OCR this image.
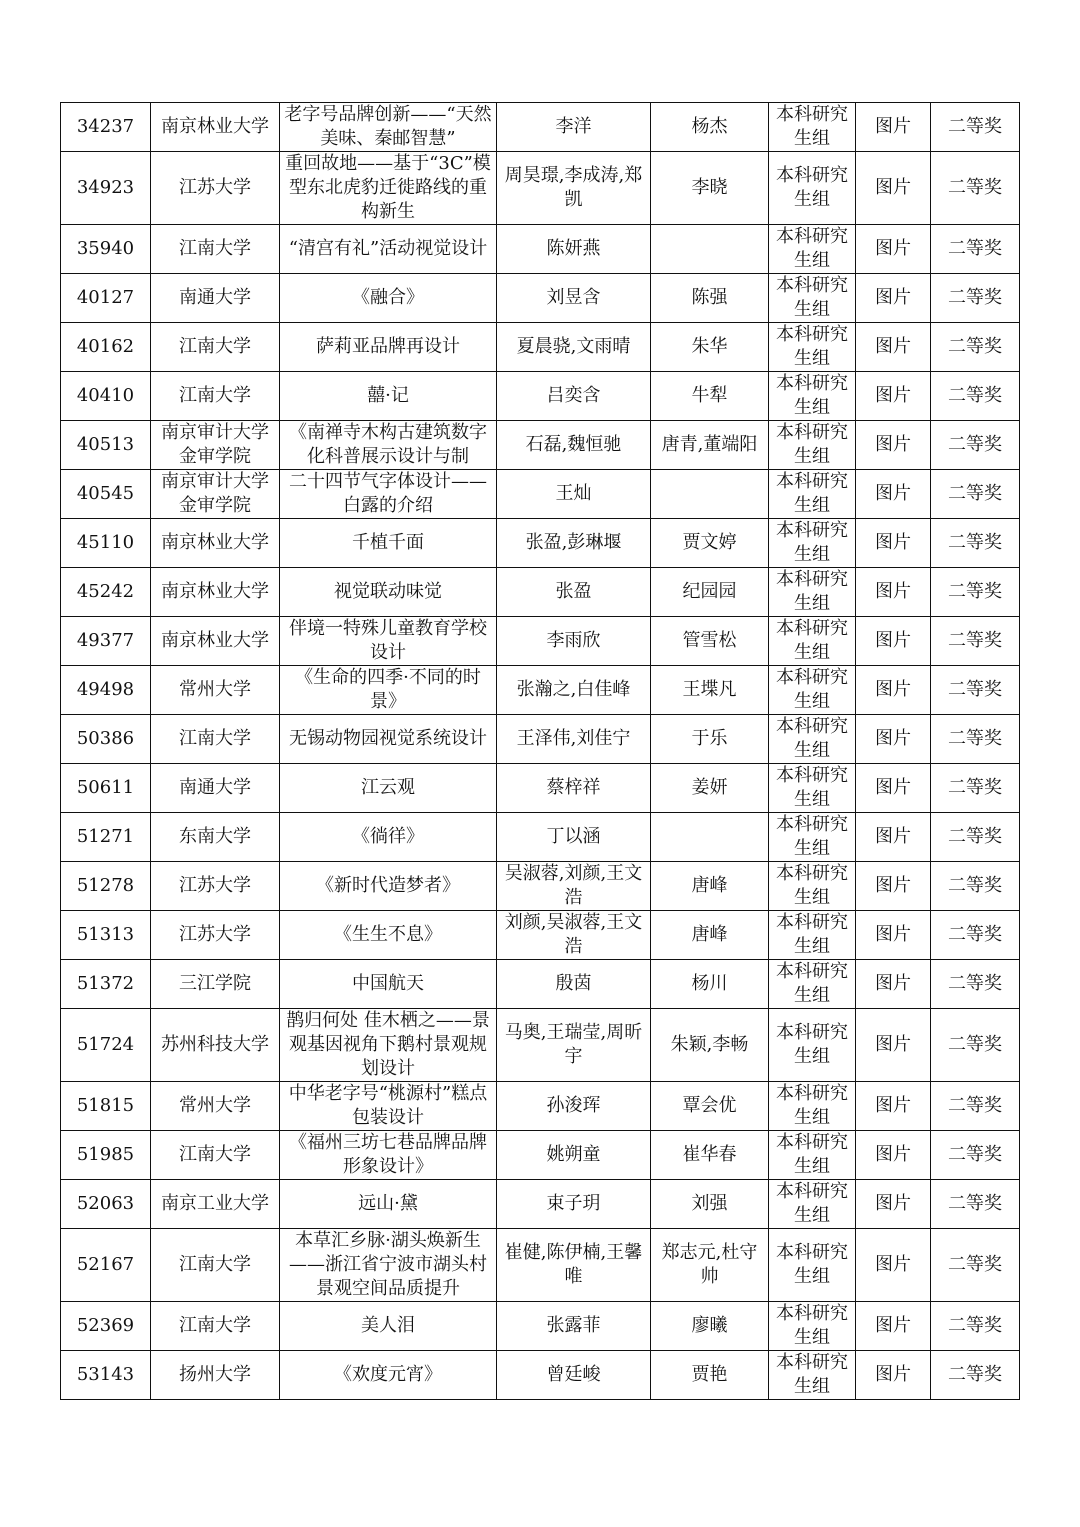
34237	南京林业大学	老字号品牌创新——“天然美味、秦邮智慧”	李洋	杨杰	本科研究生组	图片	二等奖
34923	江苏大学	重回故地——基于“3C”模型东北虎豹迁徙路线的重构新生	周昊璟,李成涛,郑凯	李晓	本科研究生组	图片	二等奖
35940	江南大学	“清宫有礼”活动视觉设计	陈妍燕		本科研究生组	图片	二等奖
40127	南通大学	《融合》	刘昱含	陈强	本科研究生组	图片	二等奖
40162	江南大学	萨莉亚品牌再设计	夏晨骁,文雨晴	朱华	本科研究生组	图片	二等奖
40410	江南大学	囍·记	吕奕含	牛犁	本科研究生组	图片	二等奖
40513	南京审计大学金审学院	《南禅寺木构古建筑数字化科普展示设计与制	石磊,魏恒驰	唐青,董端阳	本科研究生组	图片	二等奖
40545	南京审计大学金审学院	二十四节气字体设计——白露的介绍	王灿		本科研究生组	图片	二等奖
45110	南京林业大学	千植千面	张盈,彭琳堰	贾文婷	本科研究生组	图片	二等奖
45242	南京林业大学	视觉联动味觉	张盈	纪园园	本科研究生组	图片	二等奖
49377	南京林业大学	伴境一特殊儿童教育学校设计	李雨欣	管雪松	本科研究生组	图片	二等奖
49498	常州大学	《生命的四季·不同的时景》	张瀚之,白佳峰	王堞凡	本科研究生组	图片	二等奖
50386	江南大学	无锡动物园视觉系统设计	王泽伟,刘佳宁	于乐	本科研究生组	图片	二等奖
50611	南通大学	江云观	蔡梓祥	姜妍	本科研究生组	图片	二等奖
51271	东南大学	《徜徉》	丁以涵		本科研究生组	图片	二等奖
51278	江苏大学	《新时代造梦者》	吴淑蓉,刘颜,王文浩	唐峰	本科研究生组	图片	二等奖
51313	江苏大学	《生生不息》	刘颜,吴淑蓉,王文浩	唐峰	本科研究生组	图片	二等奖
51372	三江学院	中国航天	殷茵	杨川	本科研究生组	图片	二等奖
51724	苏州科技大学	鹊归何处 佳木栖之——景观基因视角下鹅村景观规划设计	马奥,王瑞莹,周昕宇	朱颖,李畅	本科研究生组	图片	二等奖
51815	常州大学	中华老字号“桃源村”糕点包装设计	孙浚珲	覃会优	本科研究生组	图片	二等奖
51985	江南大学	《福州三坊七巷品牌品牌形象设计》	姚朔童	崔华春	本科研究生组	图片	二等奖
52063	南京工业大学	远山·黛	束子玥	刘强	本科研究生组	图片	二等奖
52167	江南大学	本草汇乡脉·湖头焕新生——浙江省宁波市湖头村景观空间品质提升	崔健,陈伊楠,王馨唯	郑志元,杜守帅	本科研究生组	图片	二等奖
52369	江南大学	美人泪	张露菲	廖曦	本科研究生组	图片	二等奖
53143	扬州大学	《欢度元宵》	曾廷峻	贾艳	本科研究生组	图片	二等奖
